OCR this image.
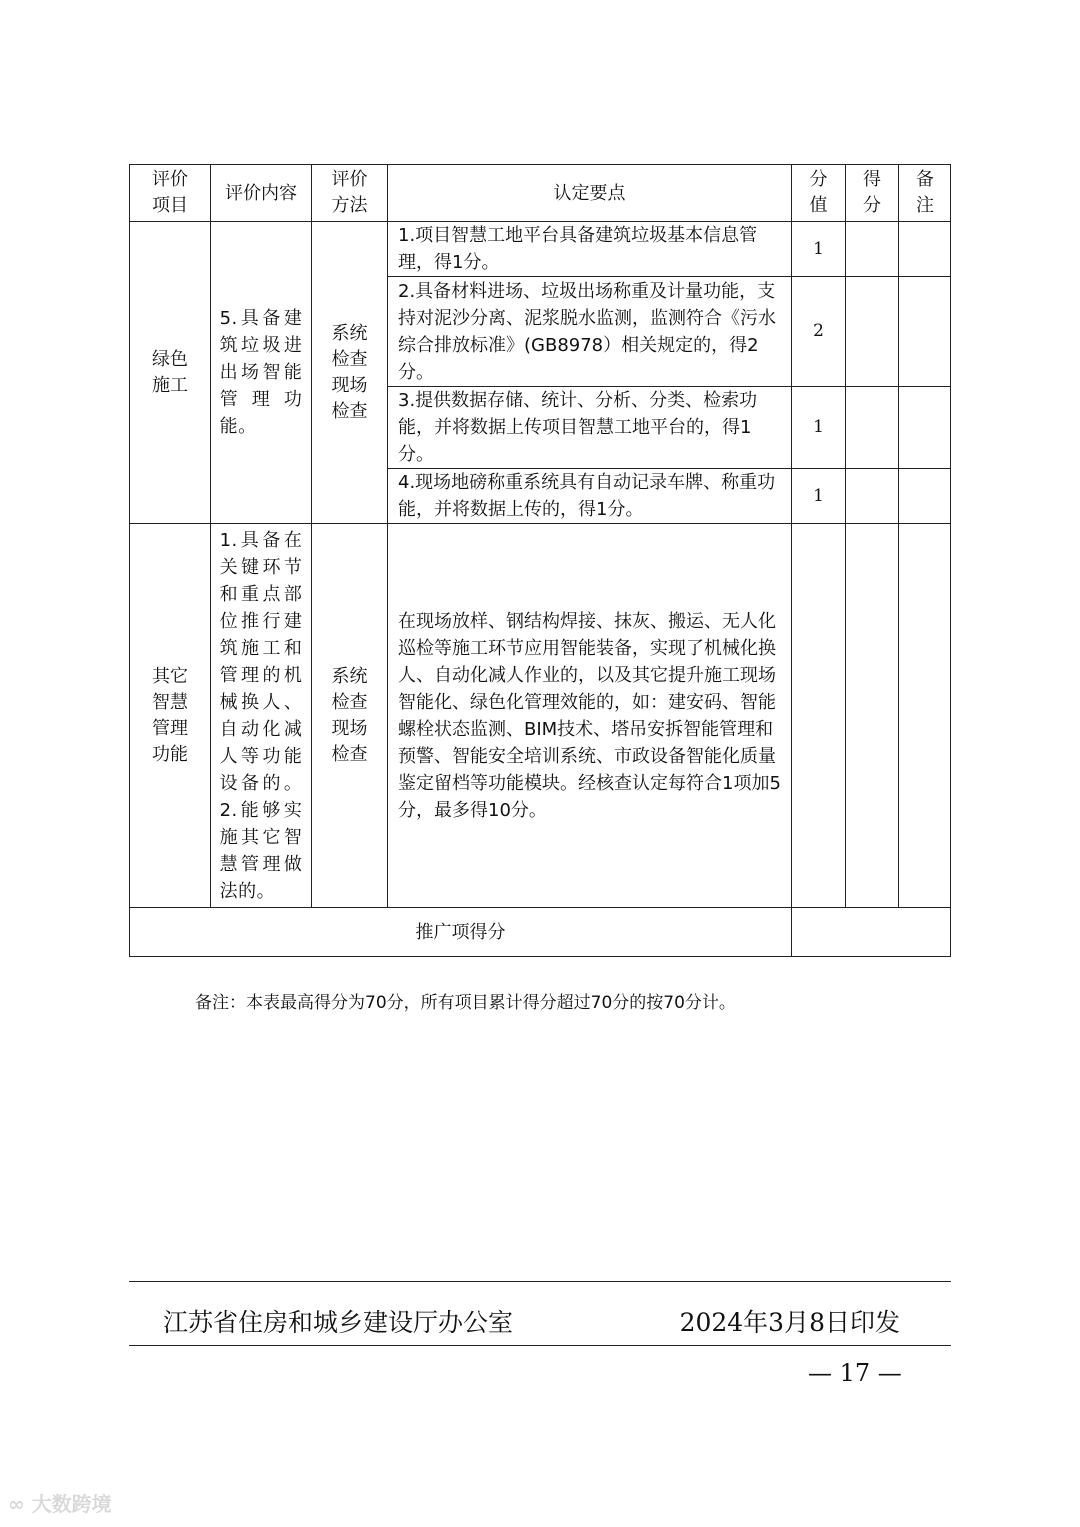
评价
项目
评价内容
评价
方法
认定要点
分
值
得
分
备
注
绿色
施工
5.具备建
筑垃圾进
出场智能
管理功
能。
系统
检查
现场
检查
1.项目智慧工地平台具备建筑垃圾基本信息管理，得1分。
1
2.具备材料进场、垃圾出场称重及计量功能，支持对泥沙分离、泥浆脱水监测，监测符合《污水综合排放标准》(GB8978）相关规定的，得2分。
2
3.提供数据存储、统计、分析、分类、检索功能，并将数据上传项目智慧工地平台的，得1分。
1
4.现场地磅称重系统具有自动记录车牌、称重功能，并将数据上传的，得1分。
1
其它
智慧
管理
功能
1.具备在
关键环节
和重点部
位推行建
筑施工和
管理的机
械换人、
自动化减
人等功能
设备的。
2.能够实
施其它智
慧管理做
法的。
系统
检查
现场
检查
在现场放样、钢结构焊接、抹灰、搬运、无人化巡检等施工环节应用智能装备，实现了机械化换人、自动化减人作业的，以及其它提升施工现场智能化、绿色化管理效能的，如：建安码、智能螺栓状态监测、BIM技术、塔吊安拆智能管理和预警、智能安全培训系统、市政设备智能化质量鉴定留档等功能模块。经核查认定每符合1项加5分，最多得10分。
推广项得分
备注：本表最高得分为70分，所有项目累计得分超过70分的按70分计。
江苏省住房和城乡建设厅办公室	2024年3月8日印发
— 17 —
∞ 大数跨境
